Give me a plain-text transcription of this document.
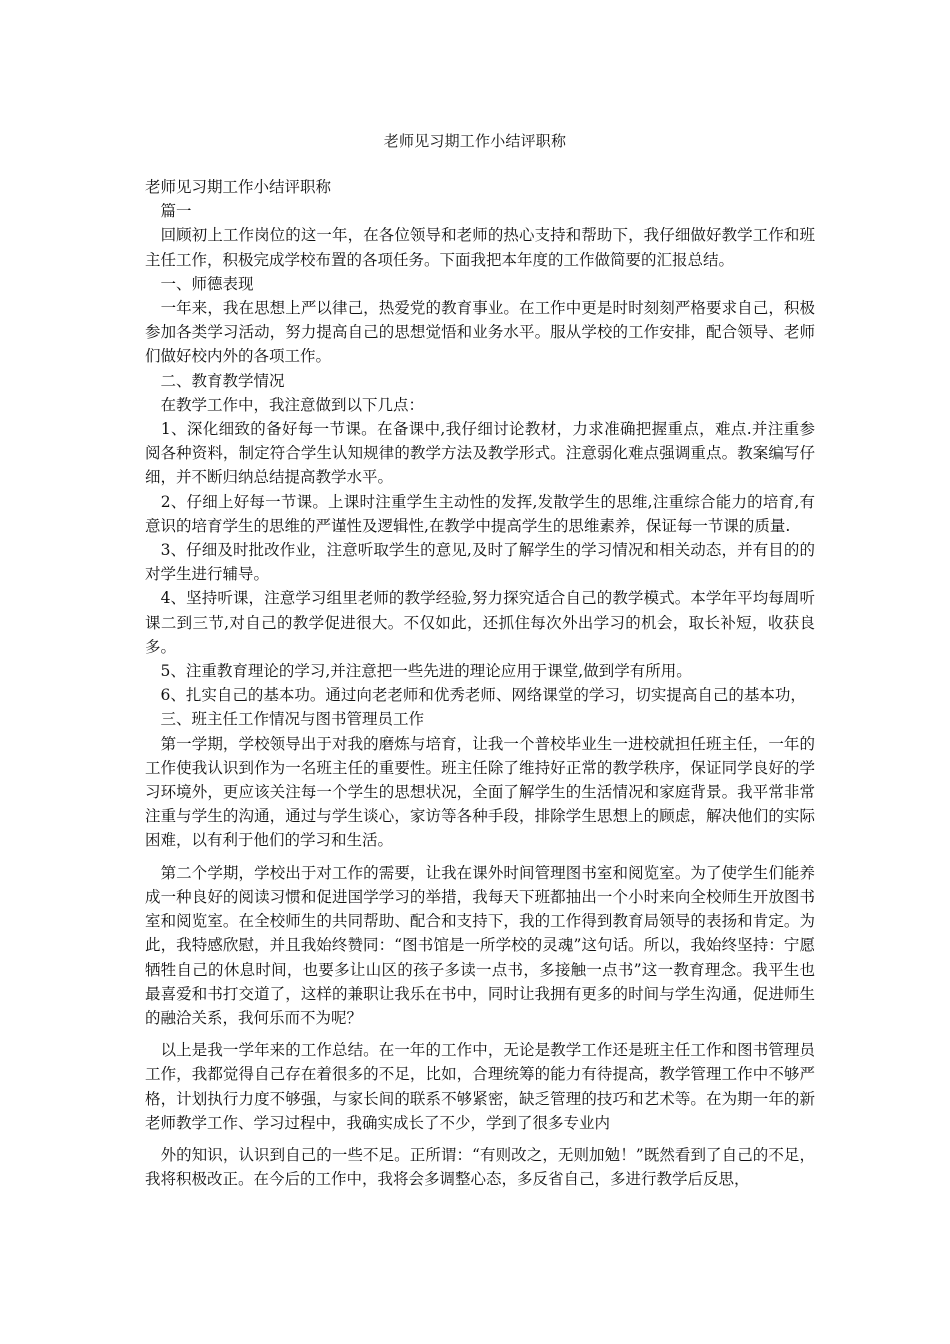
老师见习期工作小结评职称

老师见习期工作小结评职称

　篇一

　回顾初上工作岗位的这一年，在各位领导和老师的热心支持和帮助下，我仔细做好教学工作和班主任工作，积极完成学校布置的各项任务。下面我把本年度的工作做简要的汇报总结。

　一、师德表现

　一年来，我在思想上严以律己，热爱党的教育事业。在工作中更是时时刻刻严格要求自己，积极参加各类学习活动，努力提高自己的思想觉悟和业务水平。服从学校的工作安排，配合领导、老师们做好校内外的各项工作。

　二、教育教学情况

　在教学工作中，我注意做到以下几点：

　1、深化细致的备好每一节课。在备课中,我仔细讨论教材，力求准确把握重点，难点.并注重参阅各种资料，制定符合学生认知规律的教学方法及教学形式。注意弱化难点强调重点。教案编写仔细，并不断归纳总结提高教学水平。

　2、仔细上好每一节课。上课时注重学生主动性的发挥,发散学生的思维,注重综合能力的培育,有意识的培育学生的思维的严谨性及逻辑性,在教学中提高学生的思维素养，保证每一节课的质量.

　3、仔细及时批改作业，注意听取学生的意见,及时了解学生的学习情况和相关动态，并有目的的对学生进行辅导。

　4、坚持听课，注意学习组里老师的教学经验,努力探究适合自己的教学模式。本学年平均每周听课二到三节,对自己的教学促进很大。不仅如此，还抓住每次外出学习的机会，取长补短，收获良多。

　5、注重教育理论的学习,并注意把一些先进的理论应用于课堂,做到学有所用。

　6、扎实自己的基本功。通过向老老师和优秀老师、网络课堂的学习，切实提高自己的基本功，

　三、班主任工作情况与图书管理员工作

　第一学期，学校领导出于对我的磨炼与培育，让我一个普校毕业生一进校就担任班主任，一年的工作使我认识到作为一名班主任的重要性。班主任除了维持好正常的教学秩序，保证同学良好的学习环境外，更应该关注每一个学生的思想状况，全面了解学生的生活情况和家庭背景。我平常非常注重与学生的沟通，通过与学生谈心，家访等各种手段，排除学生思想上的顾虑，解决他们的实际困难，以有利于他们的学习和生活。

　第二个学期，学校出于对工作的需要，让我在课外时间管理图书室和阅览室。为了使学生们能养成一种良好的阅读习惯和促进国学学习的举措，我每天下班都抽出一个小时来向全校师生开放图书室和阅览室。在全校师生的共同帮助、配合和支持下，我的工作得到教育局领导的表扬和肯定。为此，我特感欣慰，并且我始终赞同：“图书馆是一所学校的灵魂”这句话。所以，我始终坚持：宁愿牺牲自己的休息时间，也要多让山区的孩子多读一点书，多接触一点书”这一教育理念。我平生也最喜爱和书打交道了，这样的兼职让我乐在书中，同时让我拥有更多的时间与学生沟通，促进师生的融洽关系，我何乐而不为呢？

　以上是我一学年来的工作总结。在一年的工作中，无论是教学工作还是班主任工作和图书管理员工作，我都觉得自己存在着很多的不足，比如，合理统筹的能力有待提高，教学管理工作中不够严格，计划执行力度不够强，与家长间的联系不够紧密，缺乏管理的技巧和艺术等。在为期一年的新老师教学工作、学习过程中，我确实成长了不少，学到了很多专业内

　外的知识，认识到自己的一些不足。正所谓：“有则改之，无则加勉！”既然看到了自己的不足，我将积极改正。在今后的工作中，我将会多调整心态，多反省自己，多进行教学后反思，
